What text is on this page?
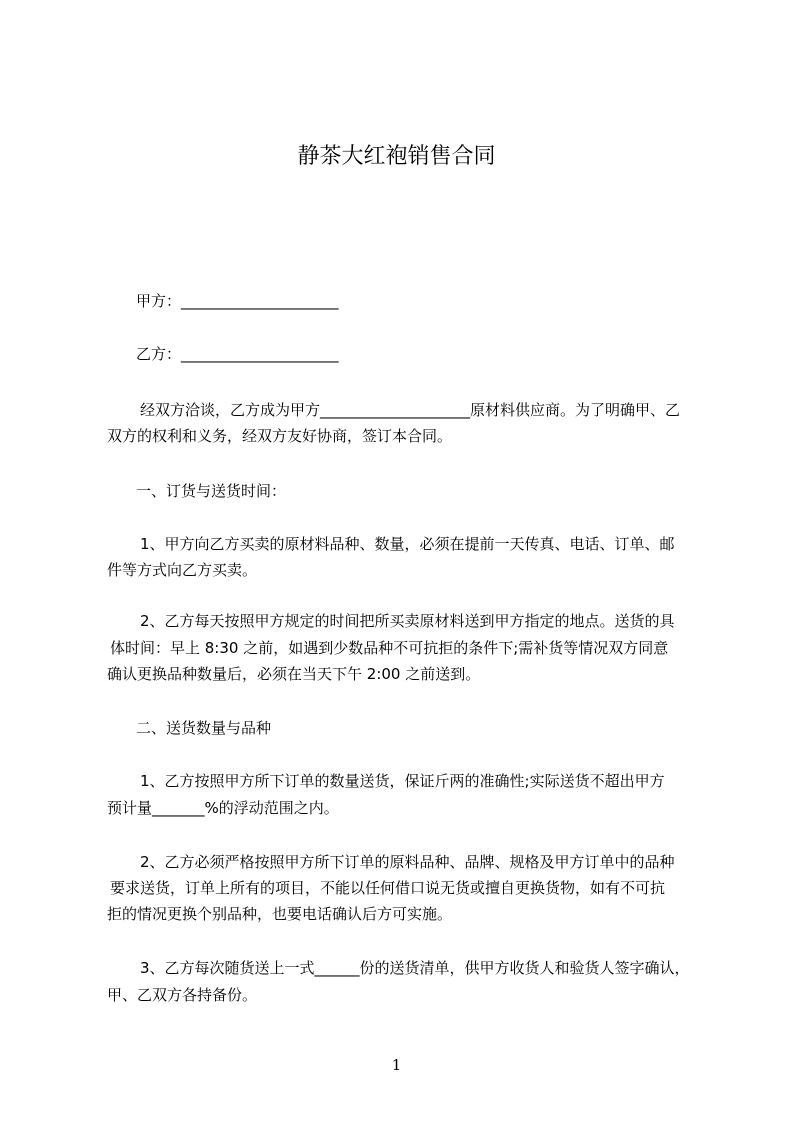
静茶大红袍销售合同
甲方：_____________________
乙方：_____________________
经双方洽谈，乙方成为甲方____________________原材料供应商。为了明确甲、乙
双方的权利和义务，经双方友好协商，签订本合同。
一、订货与送货时间：
1、甲方向乙方买卖的原材料品种、数量，必须在提前一天传真、电话、订单、邮
件等方式向乙方买卖。
2、乙方每天按照甲方规定的时间把所买卖原材料送到甲方指定的地点。送货的具
体时间：早上 8:30 之前，如遇到少数品种不可抗拒的条件下;需补货等情况双方同意
确认更换品种数量后，必须在当天下午 2:00 之前送到。
二、送货数量与品种
1、乙方按照甲方所下订单的数量送货，保证斤两的准确性;实际送货不超出甲方
预计量_______%的浮动范围之内。
2、乙方必须严格按照甲方所下订单的原料品种、品牌、规格及甲方订单中的品种
要求送货，订单上所有的项目，不能以任何借口说无货或擅自更换货物，如有不可抗
拒的情况更换个别品种，也要电话确认后方可实施。
3、乙方每次随货送上一式______份的送货清单，供甲方收货人和验货人签字确认，
甲、乙双方各持备份。
1
